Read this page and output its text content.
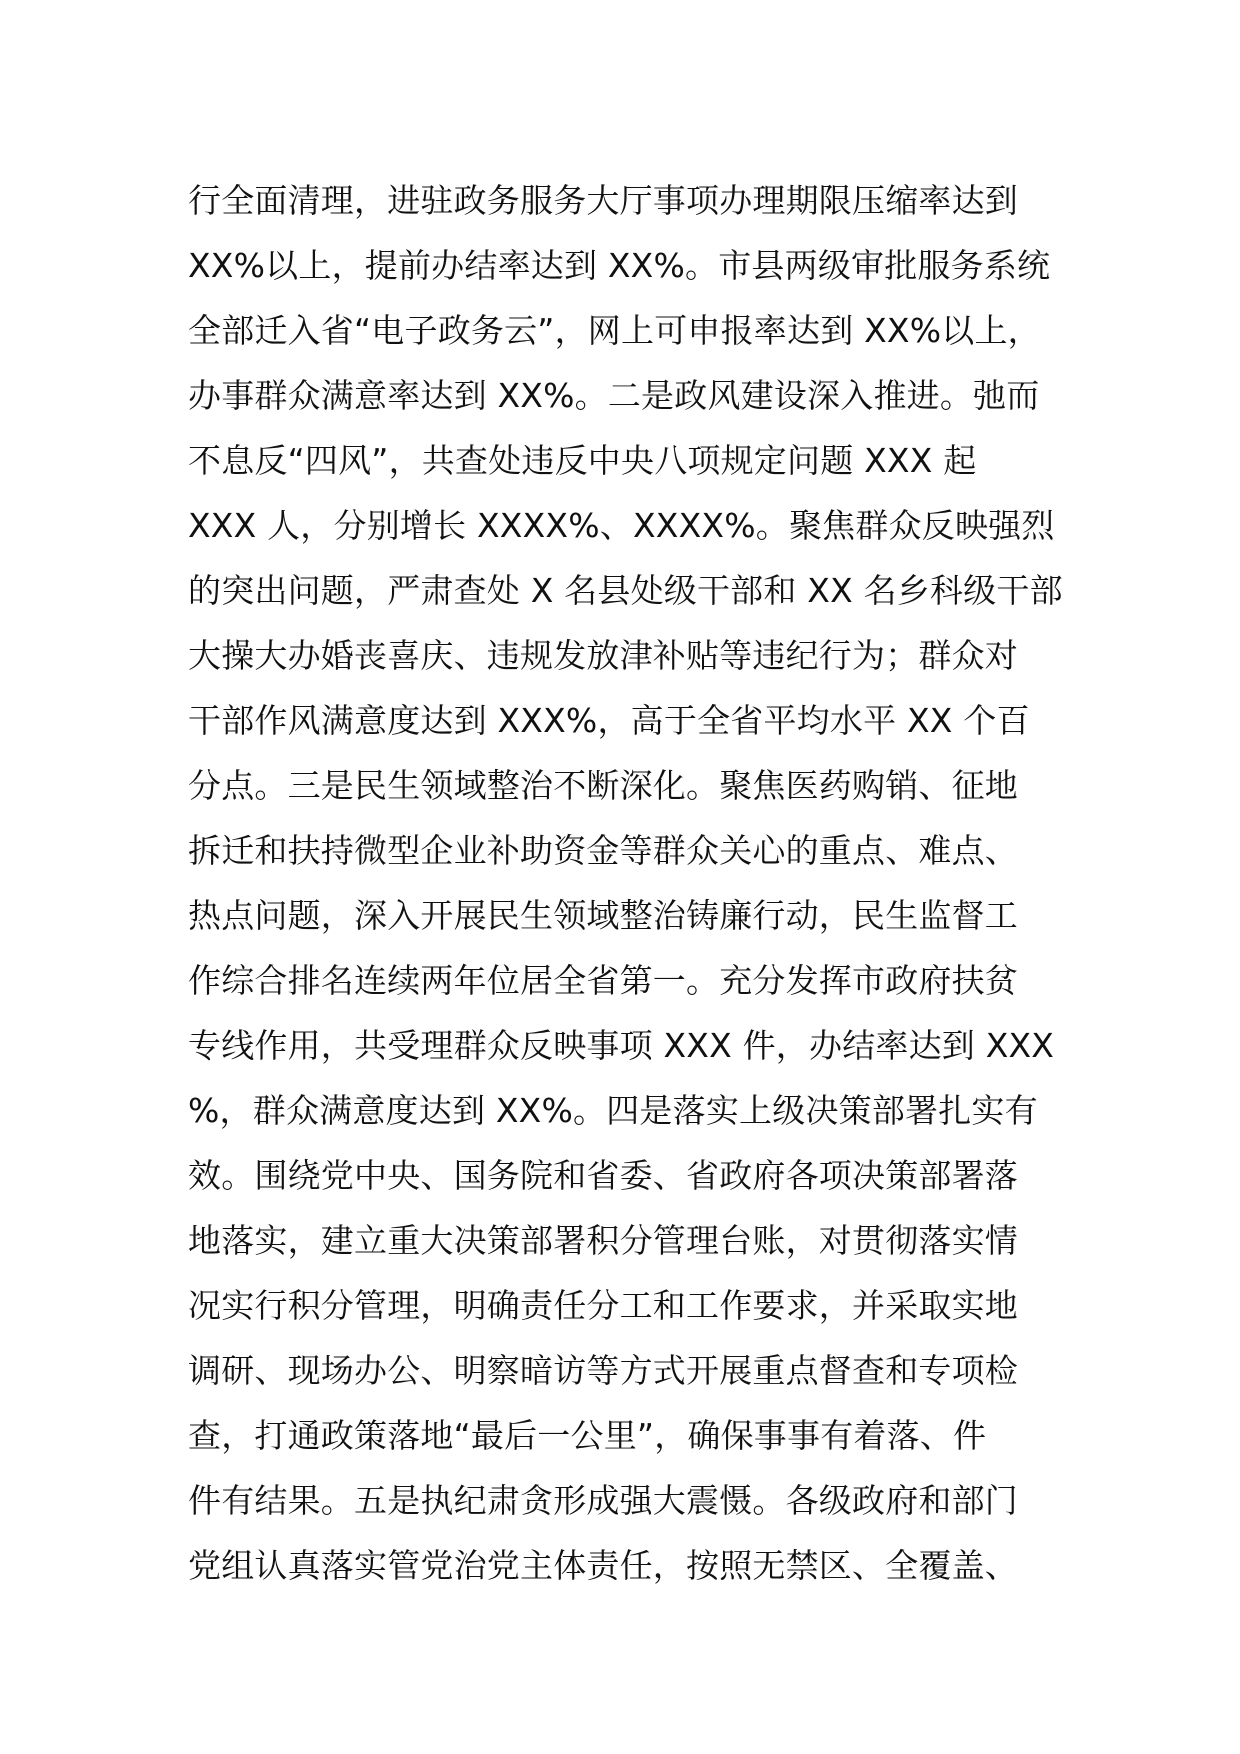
行全面清理，进驻政务服务大厅事项办理期限压缩率达到
XX%以上，提前办结率达到 XX%。市县两级审批服务系统
全部迁入省“电子政务云”，网上可申报率达到 XX%以上，
办事群众满意率达到 XX%。二是政风建设深入推进。弛而
不息反“四风”，共查处违反中央八项规定问题 XXX 起
XXX 人，分别增长 XXXX%、XXXX%。聚焦群众反映强烈
的突出问题，严肃查处 X 名县处级干部和 XX 名乡科级干部
大操大办婚丧喜庆、违规发放津补贴等违纪行为；群众对
干部作风满意度达到 XXX%，高于全省平均水平 XX 个百
分点。三是民生领域整治不断深化。聚焦医药购销、征地
拆迁和扶持微型企业补助资金等群众关心的重点、难点、
热点问题，深入开展民生领域整治铸廉行动，民生监督工
作综合排名连续两年位居全省第一。充分发挥市政府扶贫
专线作用，共受理群众反映事项 XXX 件，办结率达到 XXX
%，群众满意度达到 XX%。四是落实上级决策部署扎实有
效。围绕党中央、国务院和省委、省政府各项决策部署落
地落实，建立重大决策部署积分管理台账，对贯彻落实情
况实行积分管理，明确责任分工和工作要求，并采取实地
调研、现场办公、明察暗访等方式开展重点督查和专项检
查，打通政策落地“最后一公里”，确保事事有着落、件
件有结果。五是执纪肃贪形成强大震慑。各级政府和部门
党组认真落实管党治党主体责任，按照无禁区、全覆盖、
